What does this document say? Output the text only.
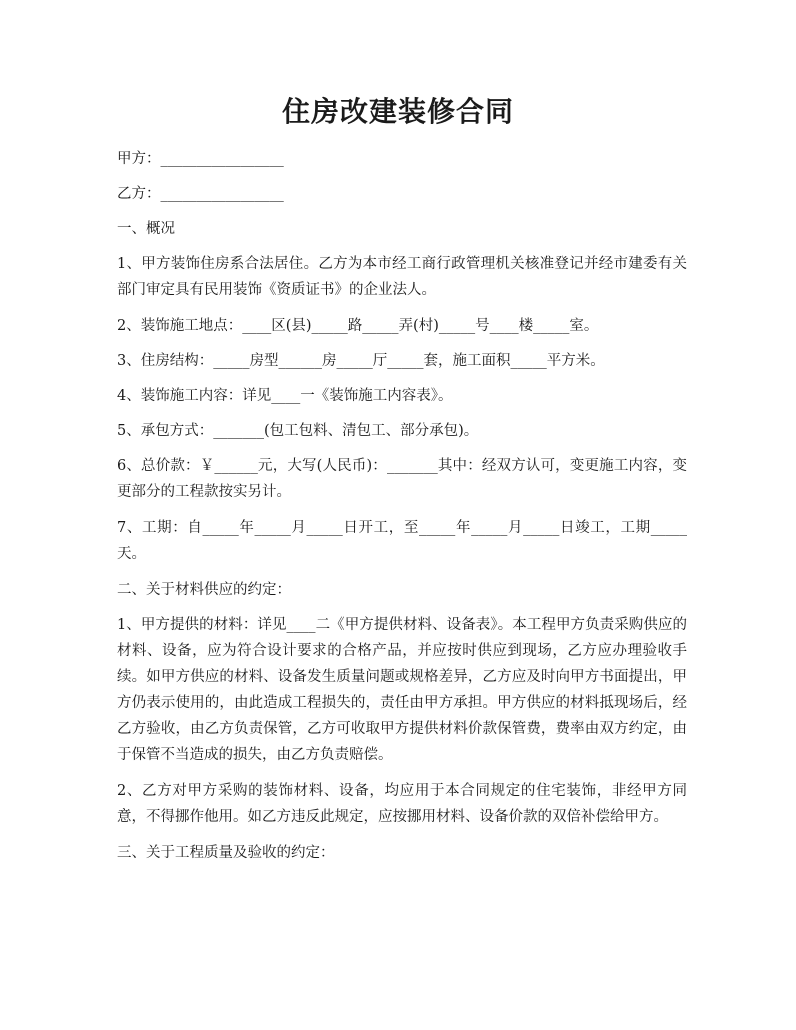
住房改建装修合同

甲方：_________________

乙方：_________________

一、概况

1、甲方装饰住房系合法居住。乙方为本市经工商行政管理机关核准登记并经市建委有关部门审定具有民用装饰《资质证书》的企业法人。

2、装饰施工地点：____区(县)_____路_____弄(村)_____号____楼_____室。

3、住房结构：_____房型______房_____厅_____套，施工面积_____平方米。

4、装饰施工内容：详见____一《装饰施工内容表》。

5、承包方式：_______(包工包料、清包工、部分承包)。

6、总价款：￥______元，大写(人民币)：_______其中：经双方认可，变更施工内容，变更部分的工程款按实另计。

7、工期：自_____年_____月_____日开工，至_____年_____月_____日竣工，工期_____天。

二、关于材料供应的约定：

1、甲方提供的材料：详见____二《甲方提供材料、设备表》。本工程甲方负责采购供应的材料、设备，应为符合设计要求的合格产品，并应按时供应到现场，乙方应办理验收手续。如甲方供应的材料、设备发生质量问题或规格差异，乙方应及时向甲方书面提出，甲方仍表示使用的，由此造成工程损失的，责任由甲方承担。甲方供应的材料抵现场后，经乙方验收，由乙方负责保管，乙方可收取甲方提供材料价款保管费，费率由双方约定，由于保管不当造成的损失，由乙方负责赔偿。

2、乙方对甲方采购的装饰材料、设备，均应用于本合同规定的住宅装饰，非经甲方同意，不得挪作他用。如乙方违反此规定，应按挪用材料、设备价款的双倍补偿给甲方。

三、关于工程质量及验收的约定：
